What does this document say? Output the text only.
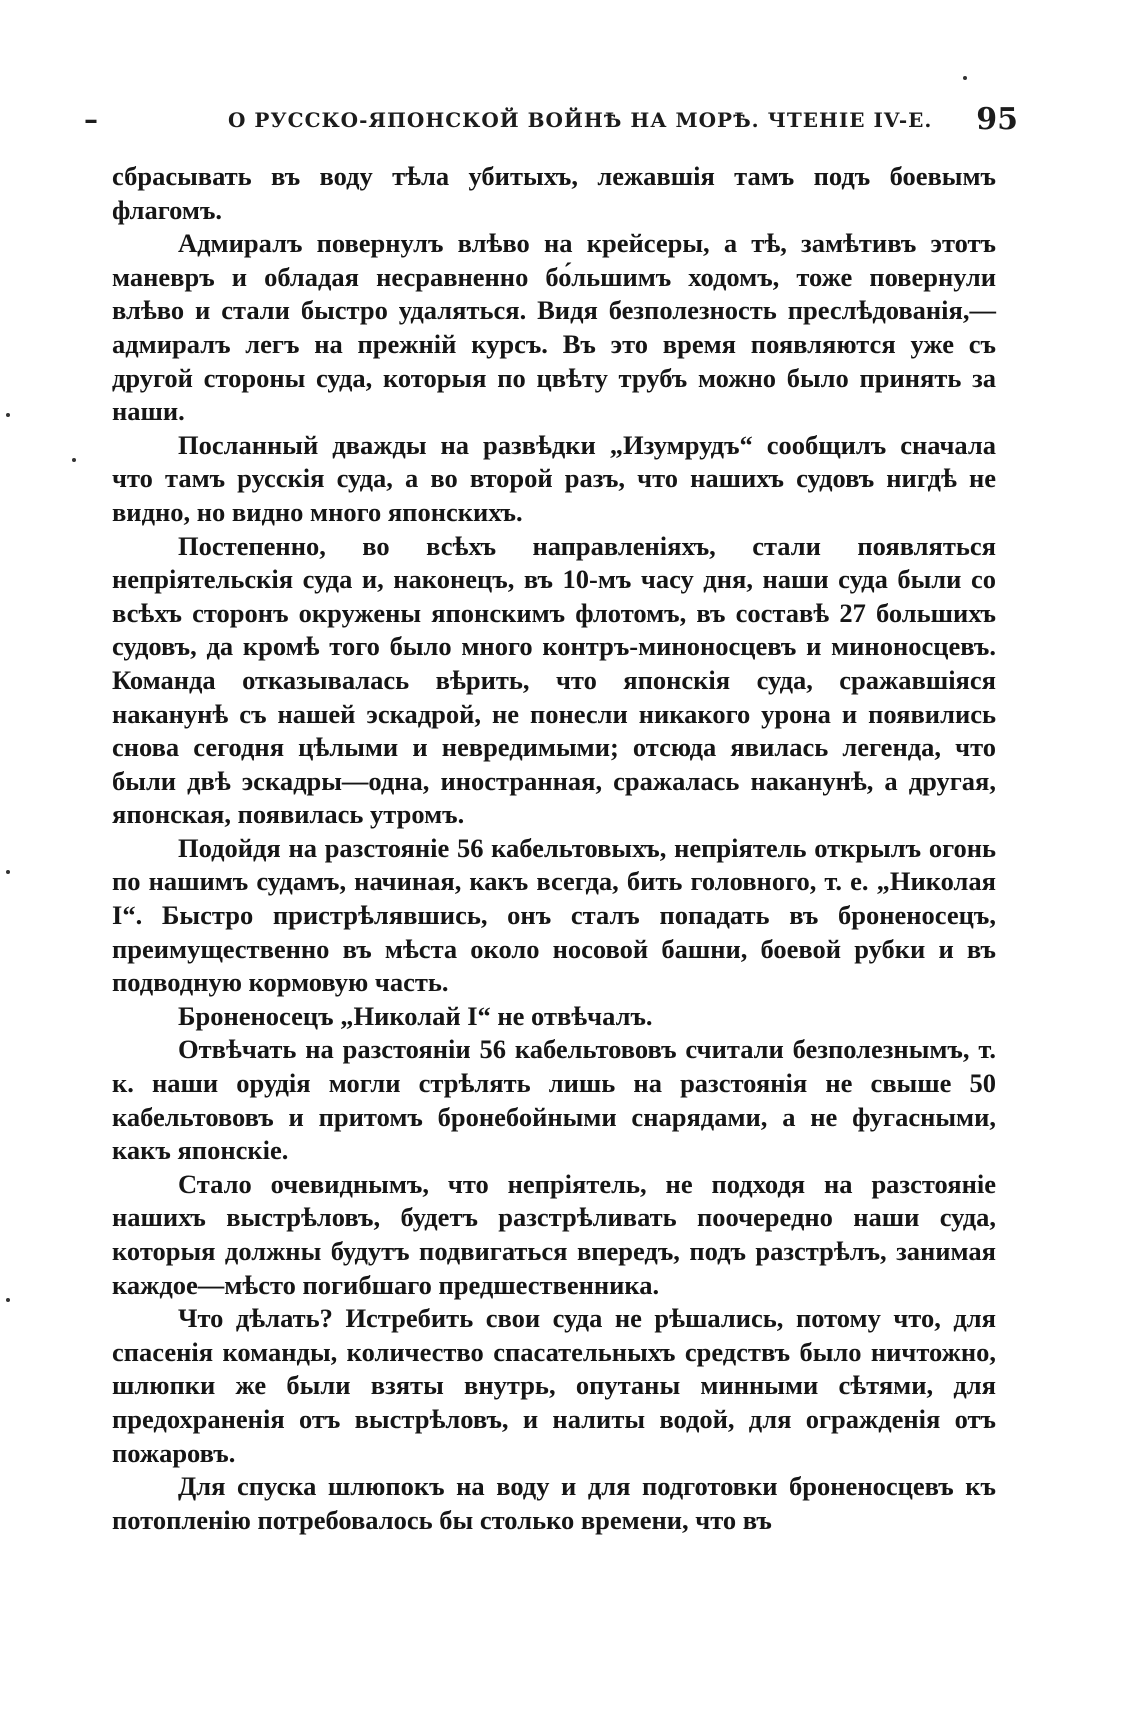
–	О РУССКО-ЯПОНСКОЙ ВОЙНѢ НА МОРѢ. ЧТЕНІЕ IV-Е. 95

сбрасывать въ воду тѣла убитыхъ, лежавшія тамъ подъ боевымъ флагомъ.

Адмиралъ повернулъ влѣво на крейсеры, а тѣ, замѣтивъ этотъ маневръ и обладая несравненно бо́льшимъ ходомъ, тоже повернули влѣво и стали быстро удаляться. Видя безполезность преслѣдованія,—адмиралъ легъ на прежній курсъ. Въ это время появляются уже съ другой стороны суда, которыя по цвѣту трубъ можно было принять за наши.

Посланный дважды на развѣдки „Изумрудъ“ сообщилъ сначала что тамъ русскія суда, а во второй разъ, что нашихъ судовъ нигдѣ не видно, но видно много японскихъ.

Постепенно, во всѣхъ направленіяхъ, стали появляться непріятельскія суда и, наконецъ, въ 10-мъ часу дня, наши суда были со всѣхъ сторонъ окружены японскимъ флотомъ, въ составѣ 27 большихъ судовъ, да кромѣ того было много контръ-миноносцевъ и миноносцевъ. Команда отказывалась вѣрить, что японскія суда, сражавшіяся наканунѣ съ нашей эскадрой, не понесли никакого урона и появились снова сегодня цѣлыми и невредимыми; отсюда явилась легенда, что были двѣ эскадры—одна, иностранная, сражалась наканунѣ, а другая, японская, появилась утромъ.

Подойдя на разстояніе 56 кабельтовыхъ, непріятель открылъ огонь по нашимъ судамъ, начиная, какъ всегда, бить головного, т. е. „Николая I“. Быстро пристрѣлявшись, онъ сталъ попадать въ броненосецъ, преимущественно въ мѣста около носовой башни, боевой рубки и въ подводную кормовую часть.

Броненосецъ „Николай I“ не отвѣчалъ.

Отвѣчать на разстояніи 56 кабельтововъ считали безполезнымъ, т. к. наши орудія могли стрѣлять лишь на разстоянія не свыше 50 кабельтововъ и притомъ бронебойными снарядами, а не фугасными, какъ японскіе.

Стало очевиднымъ, что непріятель, не подходя на разстояніе нашихъ выстрѣловъ, будетъ разстрѣливать поочередно наши суда, которыя должны будутъ подвигаться впередъ, подъ разстрѣлъ, занимая каждое—мѣсто погибшаго предшественника.

Что дѣлать? Истребить свои суда не рѣшались, потому что, для спасенія команды, количество спасательныхъ средствъ было ничтожно, шлюпки же были взяты внутрь, опутаны минными сѣтями, для предохраненія отъ выстрѣловъ, и налиты водой, для огражденія отъ пожаровъ.

Для спуска шлюпокъ на воду и для подготовки броненосцевъ къ потопленію потребовалось бы столько времени, что въ
